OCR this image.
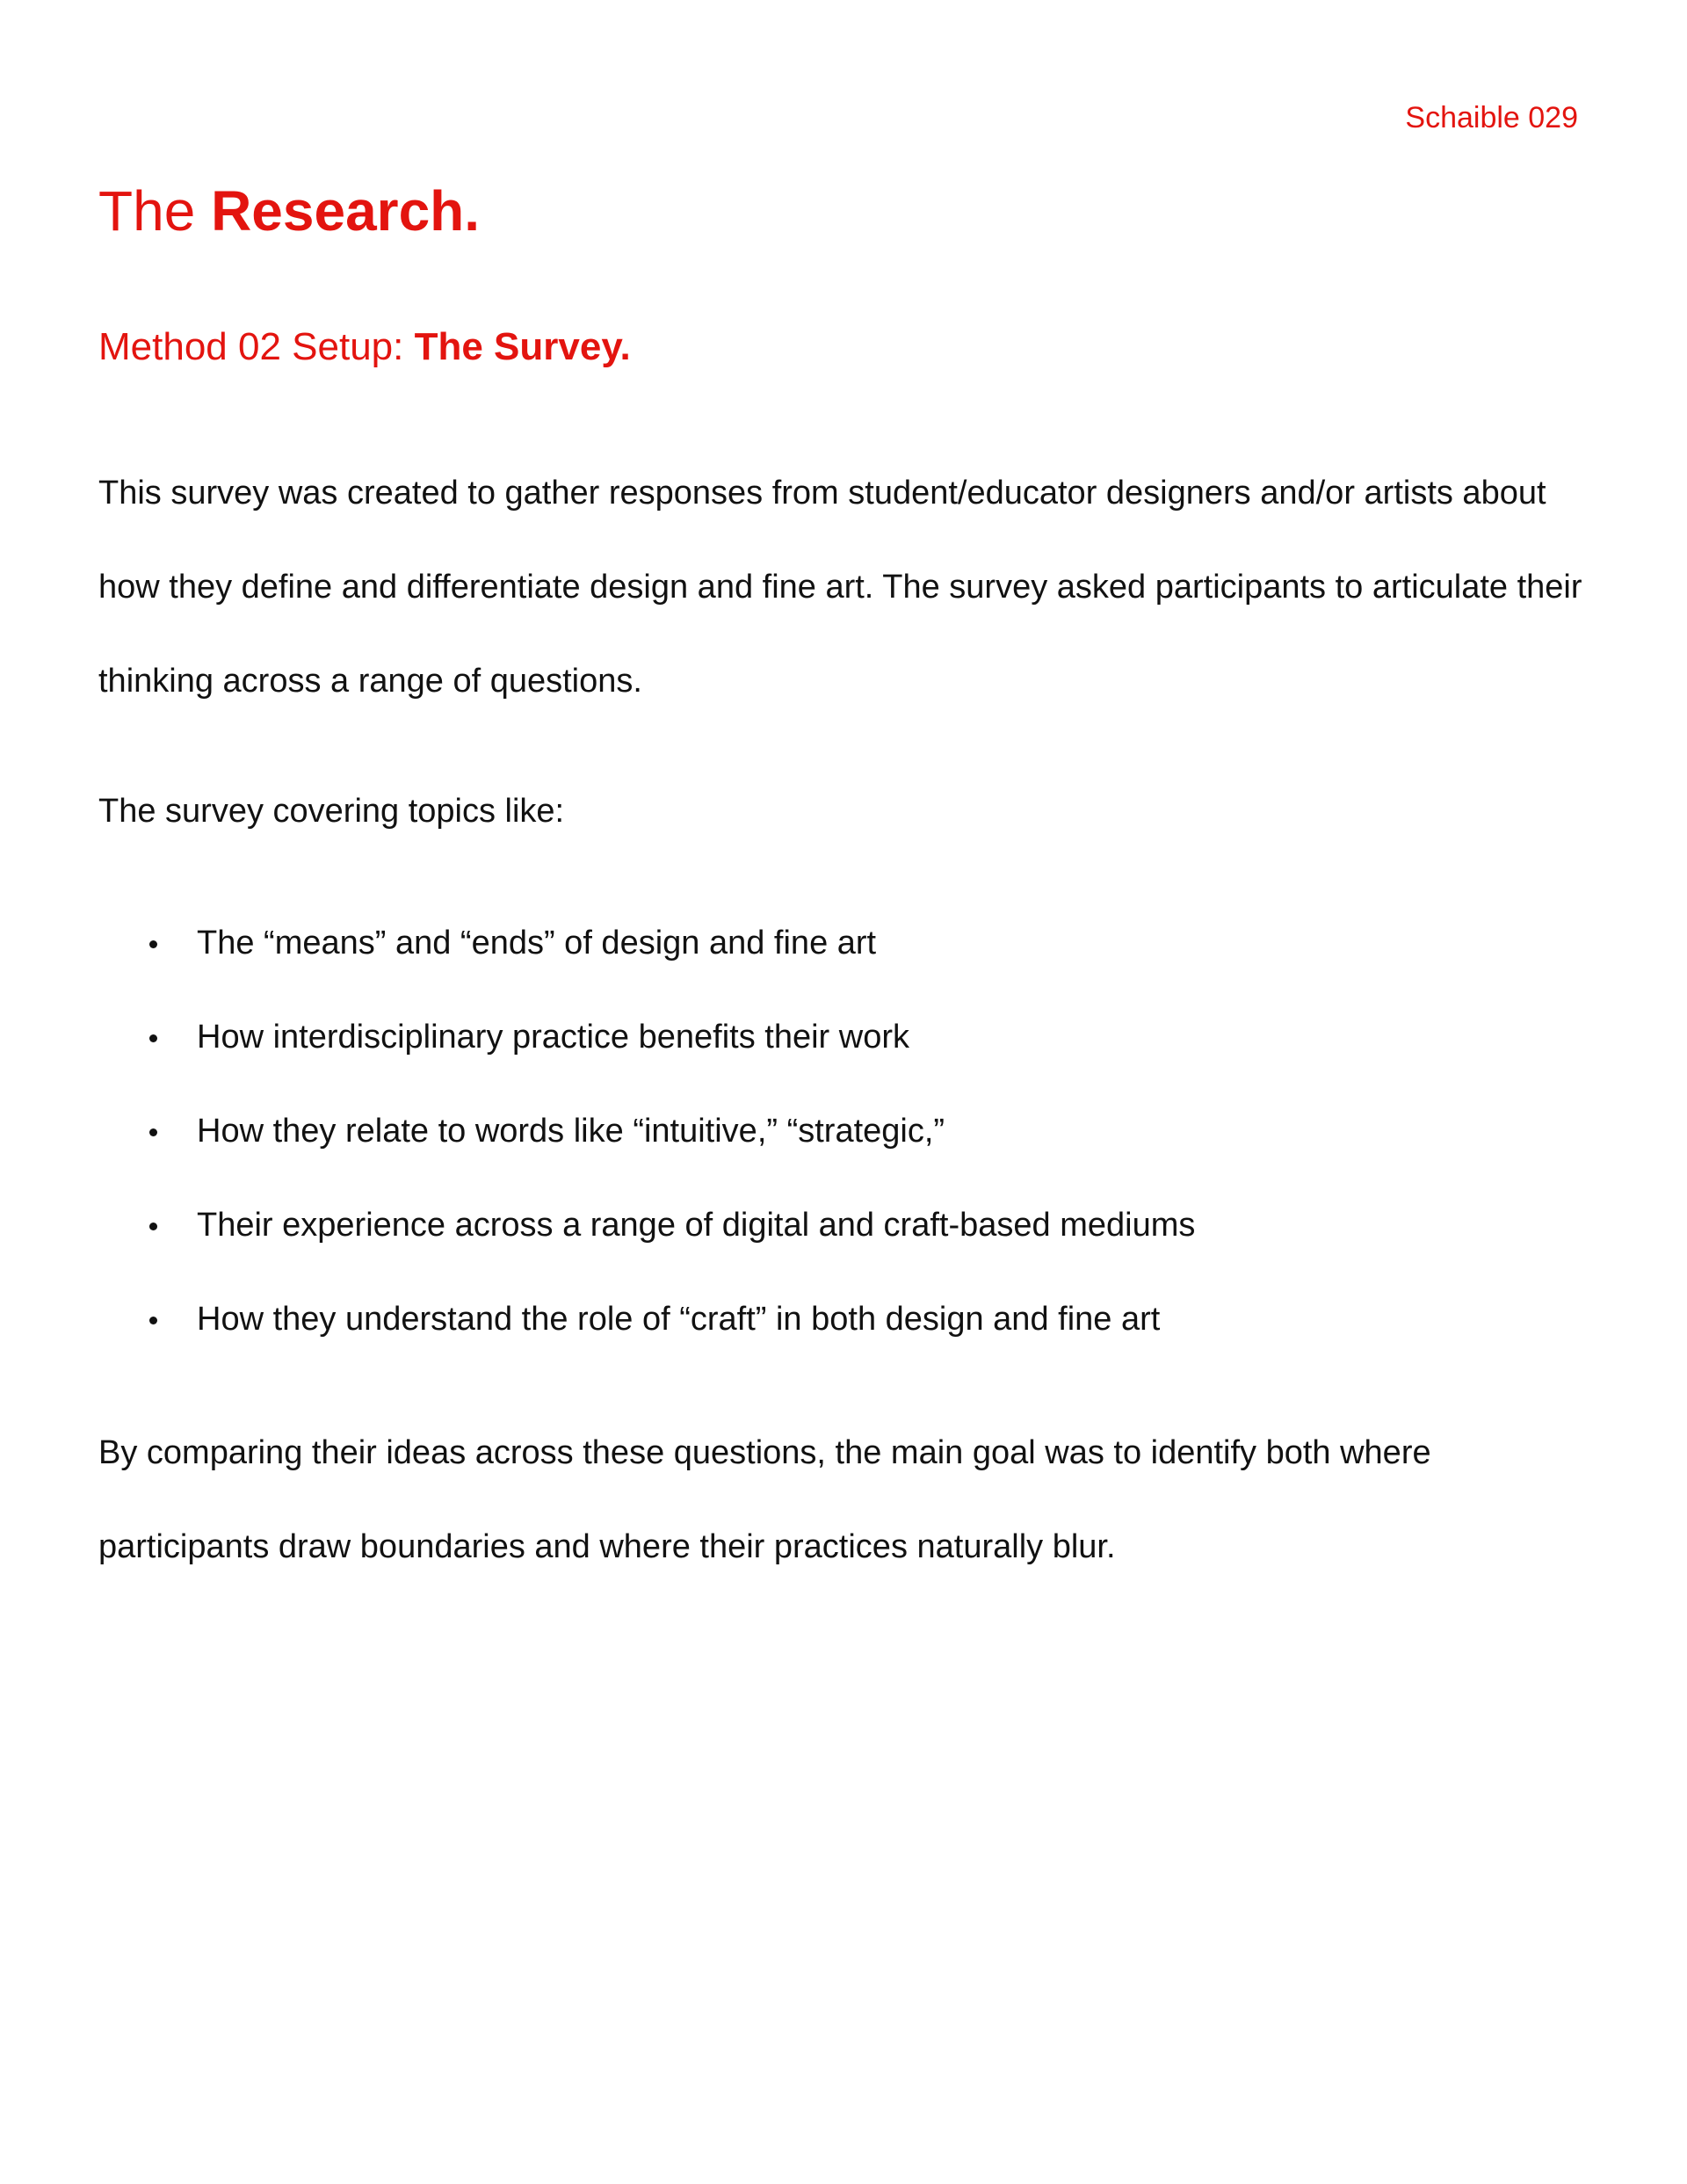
Schaible 029
The Research.
Method 02 Setup: The Survey.

This survey was created to gather responses from student/educator designers and/or artists about how they define and differentiate design and fine art. The survey asked participants to articulate their thinking across a range of questions.

The survey covering topics like:

The “means” and “ends” of design and fine art
How interdisciplinary practice benefits their work
How they relate to words like “intuitive,” “strategic,”
Their experience across a range of digital and craft-based mediums
How they understand the role of “craft” in both design and fine art

By comparing their ideas across these questions, the main goal was to identify both where participants draw boundaries and where their practices naturally blur.
